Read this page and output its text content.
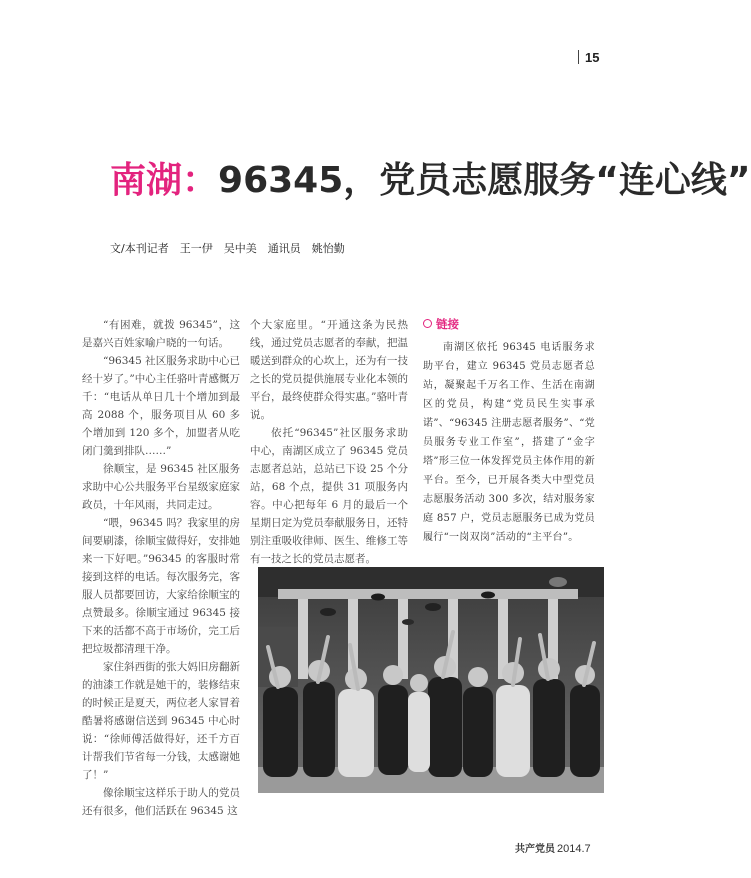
15
南湖：96345，党员志愿服务“连心线”
文/本刊记者　王一伊　吴中美　通讯员　姚怡勤

“有困难，就拨 96345”，这是嘉兴百姓家喻户晓的一句话。

“96345 社区服务求助中心已经十岁了。”中心主任骆叶青感慨万千：“电话从单日几十个增加到最高 2088 个，服务项目从 60 多个增加到 120 多个，加盟者从吃闭门羹到排队……”

徐顺宝，是 96345 社区服务求助中心公共服务平台星级家庭家政员，十年风雨，共同走过。

“喂，96345 吗？我家里的房间要刷漆，徐顺宝做得好，安排她来一下好吧。”96345 的客服时常接到这样的电话。每次服务完，客服人员都要回访，大家给徐顺宝的点赞最多。徐顺宝通过 96345 接下来的活都不高于市场价，完工后把垃圾都清理干净。

家住斜西街的张大妈旧房翻新的油漆工作就是她干的，装修结束的时候正是夏天，两位老人家冒着酷暑将感谢信送到 96345 中心时说：“徐师傅活做得好，还千方百计帮我们节省每一分钱，太感谢她了！”

像徐顺宝这样乐于助人的党员还有很多，他们活跃在 96345 这

个大家庭里。“开通这条为民热线，通过党员志愿者的奉献，把温暖送到群众的心坎上，还为有一技之长的党员提供施展专业化本领的平台，最终使群众得实惠。”骆叶青说。

依托“96345”社区服务求助中心，南湖区成立了 96345 党员志愿者总站，总站已下设 25 个分站，68 个点，提供 31 项服务内容。中心把每年 6 月的最后一个星期日定为党员奉献服务日，还特别注重吸收律师、医生、维修工等有一技之长的党员志愿者。

链接

南湖区依托 96345 电话服务求助平台，建立 96345 党员志愿者总站，凝聚起千万名工作、生活在南湖区的党员，构建“党员民生实事承诺”、“96345 注册志愿者服务”、“党员服务专业工作室”，搭建了“金字塔”形三位一体发挥党员主体作用的新平台。至今，已开展各类大中型党员志愿服务活动 300 多次，结对服务家庭 857 户，党员志愿服务已成为党员履行“一岗双岗”活动的“主平台”。

共产党员 2014.7
